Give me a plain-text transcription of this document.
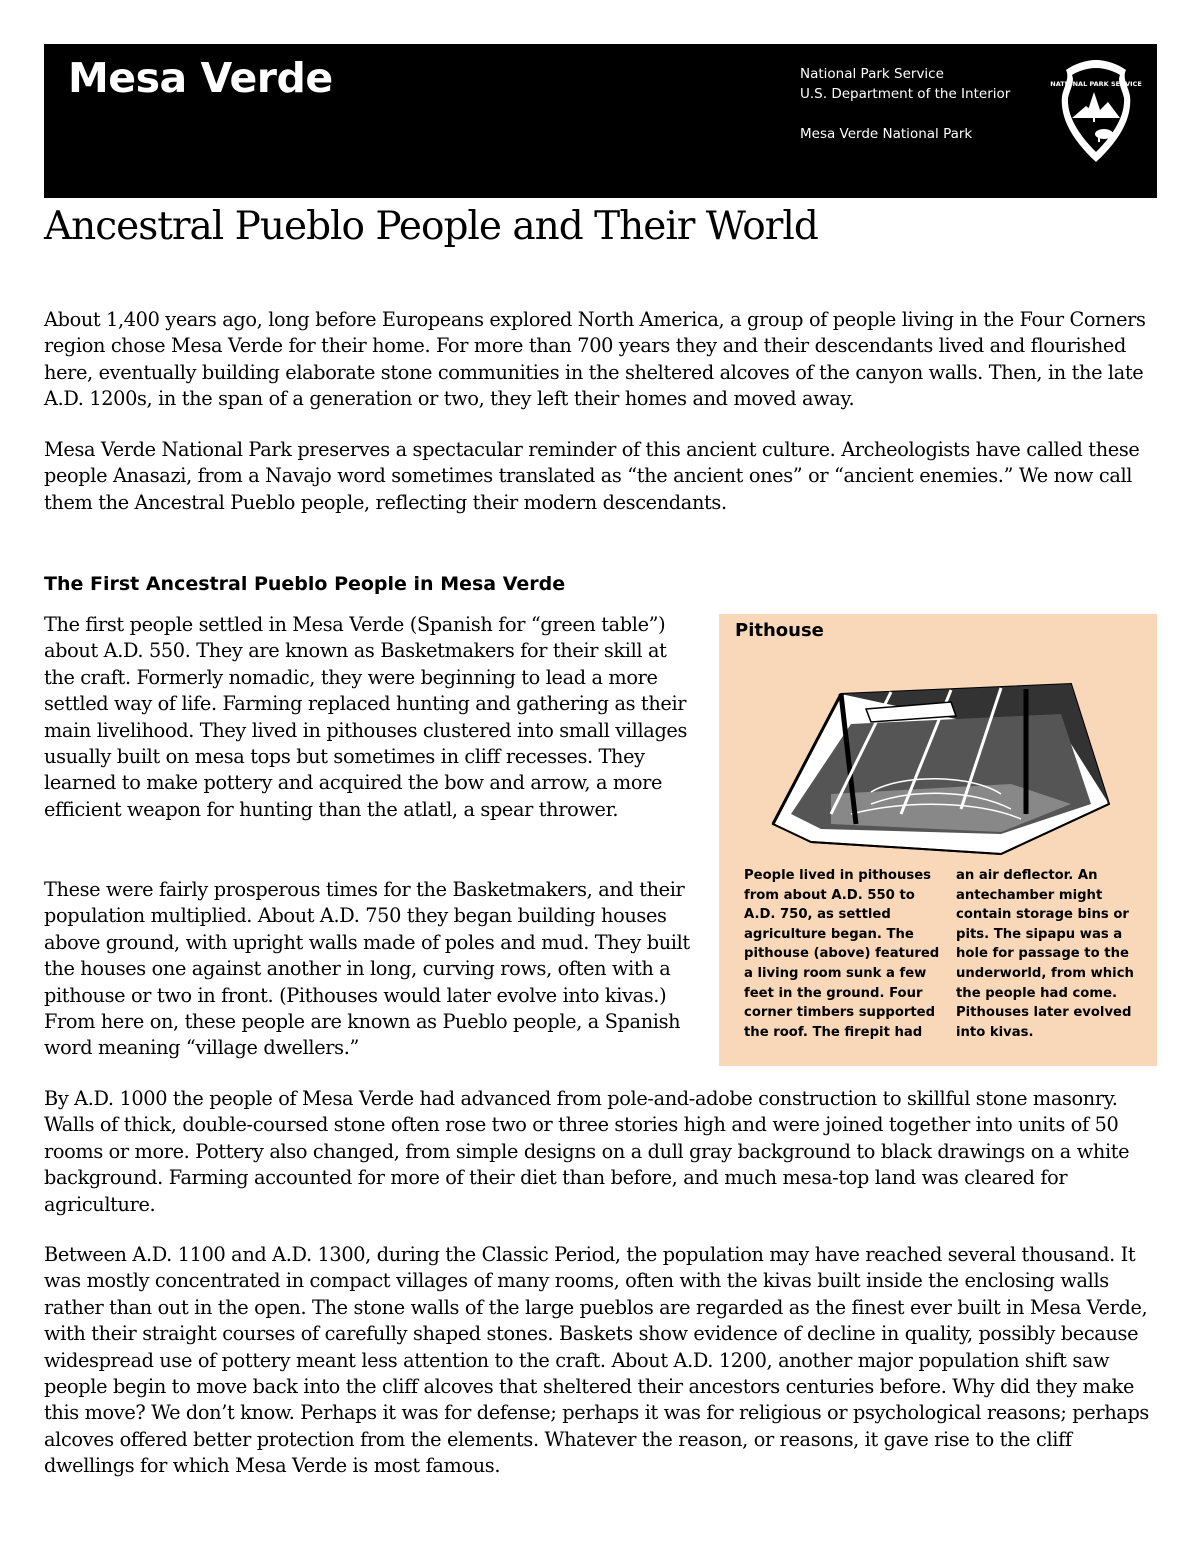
Mesa Verde	National Park Service
U.S. Department of the Interior
Mesa Verde National Park
NATIONAL PARK SERVICE
Ancestral Pueblo People and Their World

About 1,400 years ago, long before Europeans explored North America, a group of people living in the Four Corners region chose Mesa Verde for their home. For more than 700 years they and their descendants lived and flourished here, eventually building elaborate stone communities in the sheltered alcoves of the canyon walls. Then, in the late A.D. 1200s, in the span of a generation or two, they left their homes and moved away.

Mesa Verde National Park preserves a spectacular reminder of this ancient culture. Archeologists have called these people Anasazi, from a Navajo word sometimes translated as “the ancient ones” or “ancient enemies.” We now call them the Ancestral Pueblo people, reflecting their modern descendants.

The First Ancestral Pueblo People in Mesa Verde

The first people settled in Mesa Verde (Spanish for “green table”) about A.D. 550. They are known as Basketmakers for their skill at the craft. Formerly nomadic, they were beginning to lead a more settled way of life. Farming replaced hunting and gathering as their main livelihood. They lived in pithouses clustered into small villages usually built on mesa tops but sometimes in cliff recesses. They learned to make pottery and acquired the bow and arrow, a more efficient weapon for hunting than the atlatl, a spear thrower.

These were fairly prosperous times for the Basketmakers, and their population multiplied. About A.D. 750 they began building houses above ground, with upright walls made of poles and mud. They built the houses one against another in long, curving rows, often with a pithouse or two in front. (Pithouses would later evolve into kivas.) From here on, these people are known as Pueblo people, a Spanish word meaning “village dwellers.”

Pithouse

People lived in pithouses from about A.D. 550 to A.D. 750, as settled agriculture began. The pithouse (above) featured a living room sunk a few feet in the ground. Four corner timbers supported the roof. The firepit had

an air deflector. An antechamber might contain storage bins or pits. The sipapu was a hole for passage to the underworld, from which the people had come. Pithouses later evolved into kivas.

By A.D. 1000 the people of Mesa Verde had advanced from pole-and-adobe construction to skillful stone masonry. Walls of thick, double-coursed stone often rose two or three stories high and were joined together into units of 50 rooms or more. Pottery also changed, from simple designs on a dull gray background to black drawings on a white background. Farming accounted for more of their diet than before, and much mesa-top land was cleared for agriculture.

Between A.D. 1100 and A.D. 1300, during the Classic Period, the population may have reached several thousand. It was mostly concentrated in compact villages of many rooms, often with the kivas built inside the enclosing walls rather than out in the open. The stone walls of the large pueblos are regarded as the finest ever built in Mesa Verde, with their straight courses of carefully shaped stones. Baskets show evidence of decline in quality, possibly because widespread use of pottery meant less attention to the craft. About A.D. 1200, another major population shift saw people begin to move back into the cliff alcoves that sheltered their ancestors centuries before. Why did they make this move? We don’t know. Perhaps it was for defense; perhaps it was for religious or psychological reasons; perhaps alcoves offered better protection from the elements. Whatever the reason, or reasons, it gave rise to the cliff dwellings for which Mesa Verde is most famous.
